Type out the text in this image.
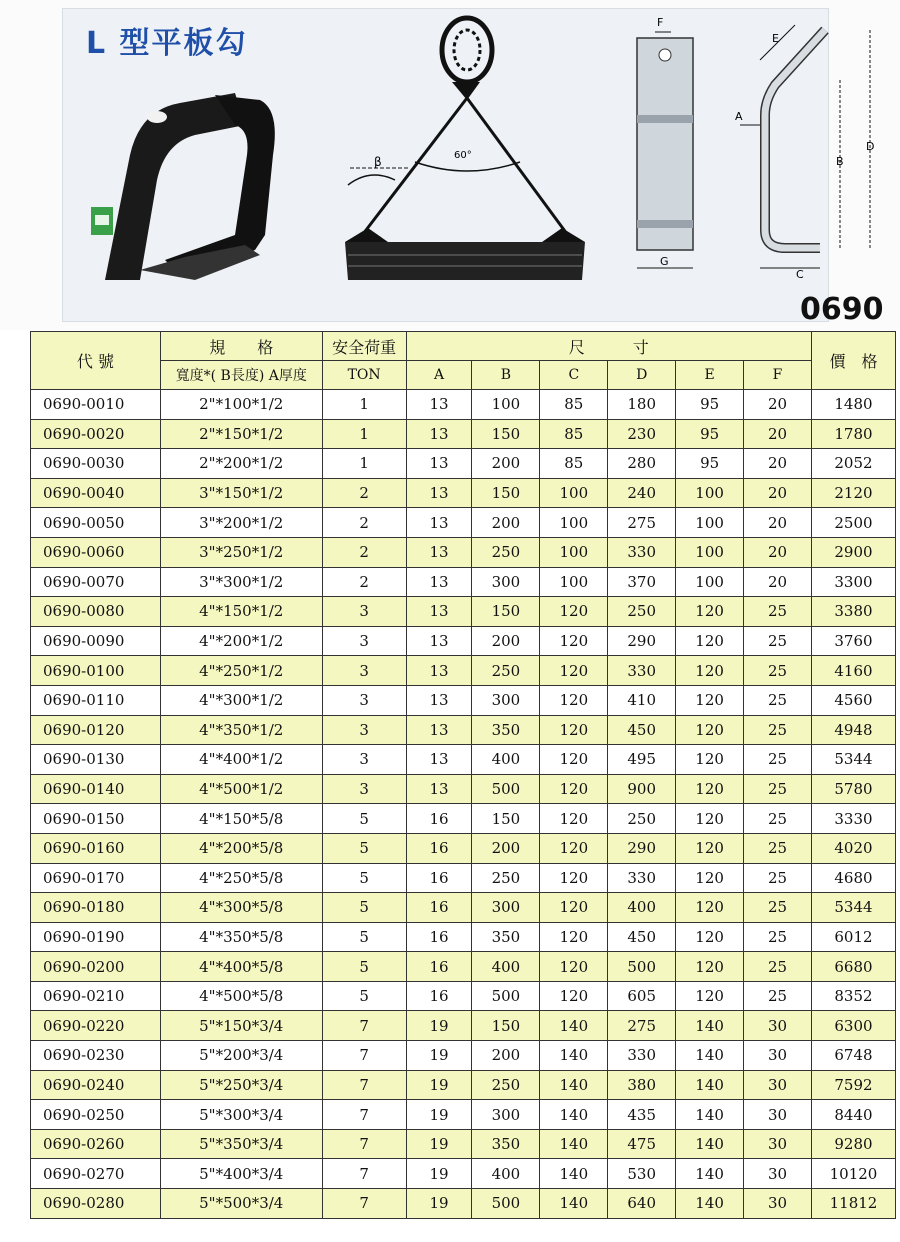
L 型平板勾
60°
β
F
G
E
A
B
D
C
0690
代 號	規　　格	安全荷重	尺　　　寸						價　格
	寬度*( B長度) A厚度	TON	A	B	C	D	E	F	
0690-0010	2"*100*1/2	1	13	100	85	180	95	20	1480
0690-0020	2"*150*1/2	1	13	150	85	230	95	20	1780
0690-0030	2"*200*1/2	1	13	200	85	280	95	20	2052
0690-0040	3"*150*1/2	2	13	150	100	240	100	20	2120
0690-0050	3"*200*1/2	2	13	200	100	275	100	20	2500
0690-0060	3"*250*1/2	2	13	250	100	330	100	20	2900
0690-0070	3"*300*1/2	2	13	300	100	370	100	20	3300
0690-0080	4"*150*1/2	3	13	150	120	250	120	25	3380
0690-0090	4"*200*1/2	3	13	200	120	290	120	25	3760
0690-0100	4"*250*1/2	3	13	250	120	330	120	25	4160
0690-0110	4"*300*1/2	3	13	300	120	410	120	25	4560
0690-0120	4"*350*1/2	3	13	350	120	450	120	25	4948
0690-0130	4"*400*1/2	3	13	400	120	495	120	25	5344
0690-0140	4"*500*1/2	3	13	500	120	900	120	25	5780
0690-0150	4"*150*5/8	5	16	150	120	250	120	25	3330
0690-0160	4"*200*5/8	5	16	200	120	290	120	25	4020
0690-0170	4"*250*5/8	5	16	250	120	330	120	25	4680
0690-0180	4"*300*5/8	5	16	300	120	400	120	25	5344
0690-0190	4"*350*5/8	5	16	350	120	450	120	25	6012
0690-0200	4"*400*5/8	5	16	400	120	500	120	25	6680
0690-0210	4"*500*5/8	5	16	500	120	605	120	25	8352
0690-0220	5"*150*3/4	7	19	150	140	275	140	30	6300
0690-0230	5"*200*3/4	7	19	200	140	330	140	30	6748
0690-0240	5"*250*3/4	7	19	250	140	380	140	30	7592
0690-0250	5"*300*3/4	7	19	300	140	435	140	30	8440
0690-0260	5"*350*3/4	7	19	350	140	475	140	30	9280
0690-0270	5"*400*3/4	7	19	400	140	530	140	30	10120
0690-0280	5"*500*3/4	7	19	500	140	640	140	30	11812
